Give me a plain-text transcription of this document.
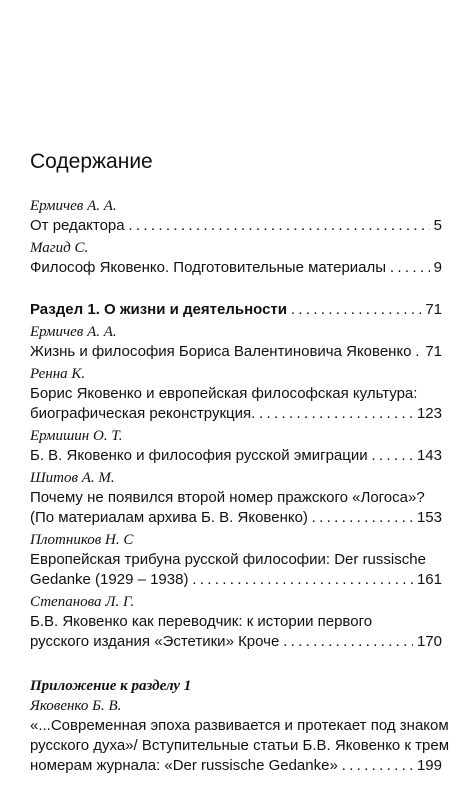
Содержание
Ермичев А. А.
От редактора . . .	5
Магид С.
Философ Яковенко. Подготовительные материалы . . .	9
Раздел 1. О жизни и деятельности . . .	71
Ермичев А. А.
Жизнь и философия Бориса Валентиновича Яковенко . . . 71
Ренна К.
Борис Яковенко и европейская философская культура:
биографическая реконструкция. . . .	123
Ермишин О. Т.
Б. В. Яковенко и философия русской эмиграции . . .	143
Шитов А. М.
Почему не появился второй номер пражского «Логоса»?
(По материалам архива Б. В. Яковенко) . . .	153
Плотников Н. С
Европейская трибуна русской философии: Der russische
Gedanke (1929 – 1938) . . .	161
Степанова Л. Г.
Б.В. Яковенко как переводчик: к истории первого
русского издания «Эстетики» Кроче . . .	170
Приложение к разделу 1
Яковенко Б. В.
«...Современная эпоха развивается и протекает под знаком
русского духа»/ Вступительные статьи Б.В. Яковенко к трем
номерам журнала: «Der russische Gedanke» . . .	199
